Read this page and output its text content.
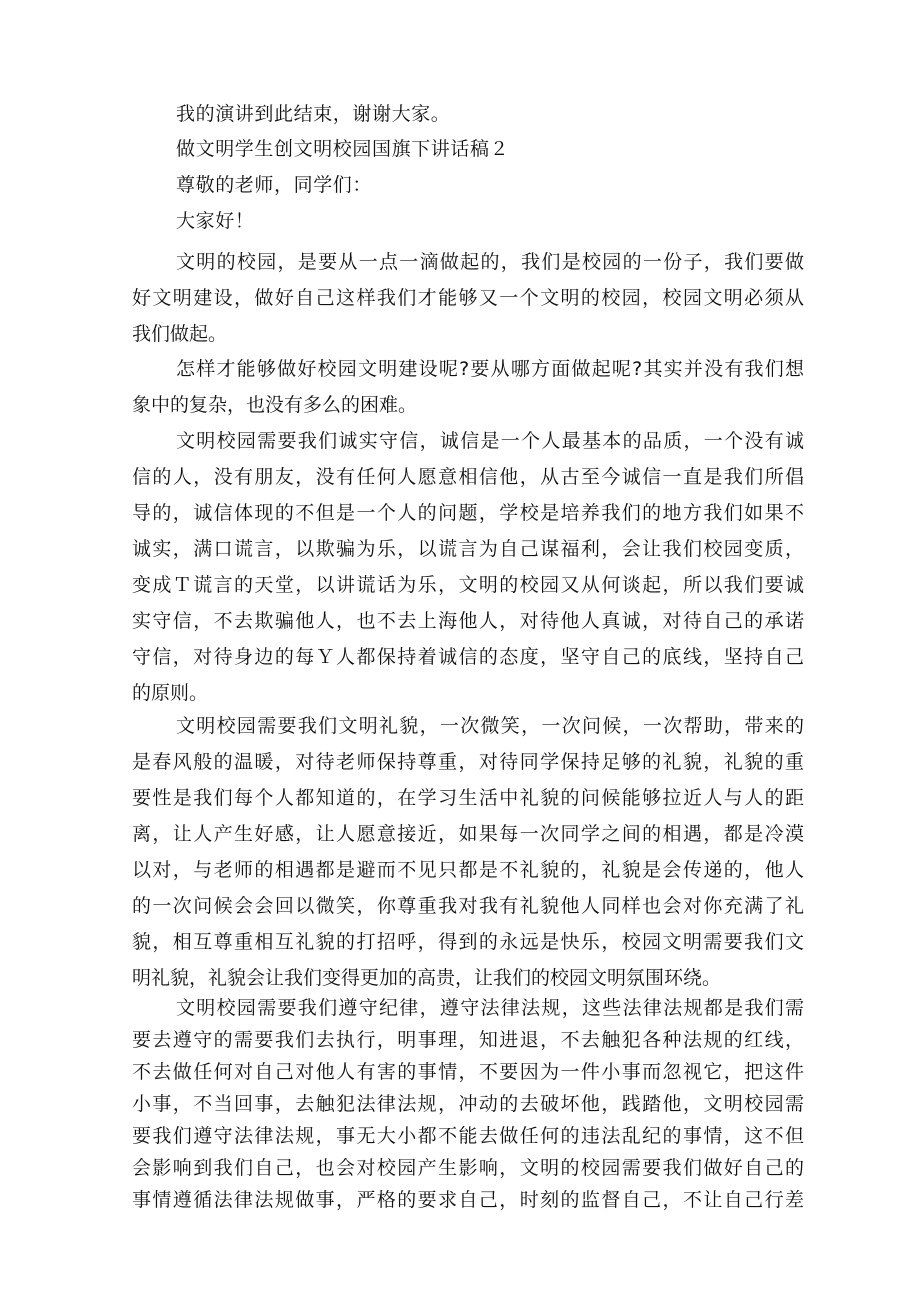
我的演讲到此结束，谢谢大家。
做文明学生创文明校园国旗下讲话稿２
尊敬的老师，同学们：
大家好！
文明的校园，是要从一点一滴做起的，我们是校园的一份子，我们要做
好文明建设，做好自己这样我们才能够又一个文明的校园，校园文明必须从
我们做起。
怎样才能够做好校园文明建设呢?要从哪方面做起呢?其实并没有我们想
象中的复杂，也没有多么的困难。
文明校园需要我们诚实守信，诚信是一个人最基本的品质，一个没有诚
信的人，没有朋友，没有任何人愿意相信他，从古至今诚信一直是我们所倡
导的，诚信体现的不但是一个人的问题，学校是培养我们的地方我们如果不
诚实，满口谎言，以欺骗为乐，以谎言为自己谋福利，会让我们校园变质，
变成Ｔ谎言的天堂，以讲谎话为乐，文明的校园又从何谈起，所以我们要诚
实守信，不去欺骗他人，也不去上海他人，对待他人真诚，对待自己的承诺
守信，对待身边的每Ｙ人都保持着诚信的态度，坚守自己的底线，坚持自己
的原则。
文明校园需要我们文明礼貌，一次微笑，一次问候，一次帮助，带来的
是春风般的温暖，对待老师保持尊重，对待同学保持足够的礼貌，礼貌的重
要性是我们每个人都知道的，在学习生活中礼貌的问候能够拉近人与人的距
离，让人产生好感，让人愿意接近，如果每一次同学之间的相遇，都是冷漠
以对，与老师的相遇都是避而不见只都是不礼貌的，礼貌是会传递的，他人
的一次问候会会回以微笑，你尊重我对我有礼貌他人同样也会对你充满了礼
貌，相互尊重相互礼貌的打招呼，得到的永远是快乐，校园文明需要我们文
明礼貌，礼貌会让我们变得更加的高贵，让我们的校园文明氛围环绕。
文明校园需要我们遵守纪律，遵守法律法规，这些法律法规都是我们需
要去遵守的需要我们去执行，明事理，知进退，不去触犯各种法规的红线，
不去做任何对自己对他人有害的事情，不要因为一件小事而忽视它，把这件
小事，不当回事，去触犯法律法规，冲动的去破坏他，践踏他，文明校园需
要我们遵守法律法规，事无大小都不能去做任何的违法乱纪的事情，这不但
会影响到我们自己，也会对校园产生影响，文明的校园需要我们做好自己的
事情遵循法律法规做事，严格的要求自己，时刻的监督自己，不让自己行差
